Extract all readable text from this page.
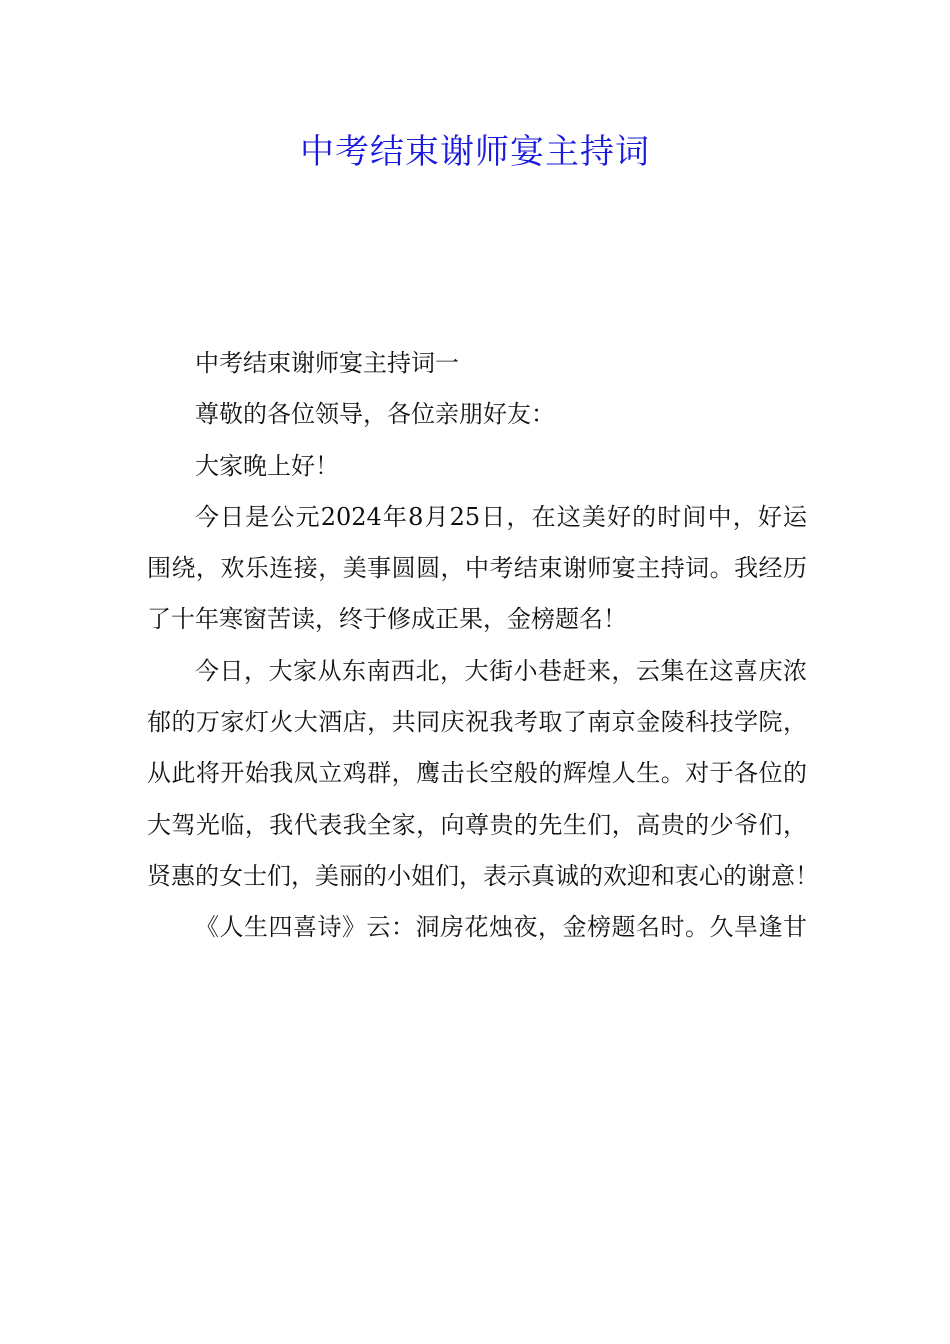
中考结束谢师宴主持词
中考结束谢师宴主持词一
尊敬的各位领导，各位亲朋好友：
大家晚上好！
今日是公元2024年8月25日，在这美好的时间中，好运
围绕，欢乐连接，美事圆圆，中考结束谢师宴主持词。我经历
了十年寒窗苦读，终于修成正果，金榜题名！
今日，大家从东南西北，大街小巷赶来，云集在这喜庆浓
郁的万家灯火大酒店，共同庆祝我考取了南京金陵科技学院，
从此将开始我凤立鸡群，鹰击长空般的辉煌人生。对于各位的
大驾光临，我代表我全家，向尊贵的先生们，高贵的少爷们，
贤惠的女士们，美丽的小姐们，表示真诚的欢迎和衷心的谢意！
《人生四喜诗》云：洞房花烛夜，金榜题名时。久旱逢甘
